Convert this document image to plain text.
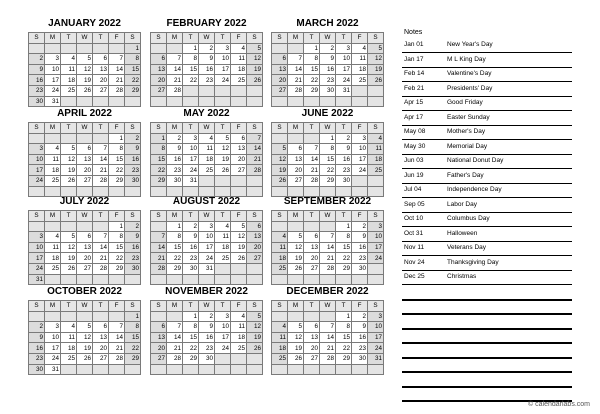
JANUARY 2022
S	M	T	W	T	F	S
						1
2	3	4	5	6	7	8
9	10	11	12	13	14	15
16	17	18	19	20	21	22
23	24	25	26	27	28	29
30	31					
FEBRUARY 2022
S	M	T	W	T	F	S
		1	2	3	4	5
6	7	8	9	10	11	12
13	14	15	16	17	18	19
20	21	22	23	24	25	26
27	28					

MARCH 2022
S	M	T	W	T	F	S
		1	2	3	4	5
6	7	8	9	10	11	12
13	14	15	16	17	18	19
20	21	22	23	24	25	26
27	28	29	30	31		

APRIL 2022
S	M	T	W	T	F	S
					1	2
3	4	5	6	7	8	9
10	11	12	13	14	15	16
17	18	19	20	21	22	23
24	25	26	27	28	29	30

MAY 2022
S	M	T	W	T	F	S
1	2	3	4	5	6	7
8	9	10	11	12	13	14
15	16	17	18	19	20	21
22	23	24	25	26	27	28
29	30	31				

JUNE 2022
S	M	T	W	T	F	S
			1	2	3	4
5	6	7	8	9	10	11
12	13	14	15	16	17	18
19	20	21	22	23	24	25
26	27	28	29	30		

JULY 2022
S	M	T	W	T	F	S
					1	2
3	4	5	6	7	8	9
10	11	12	13	14	15	16
17	18	19	20	21	22	23
24	25	26	27	28	29	30
31						
AUGUST 2022
S	M	T	W	T	F	S
	1	2	3	4	5	6
7	8	9	10	11	12	13
14	15	16	17	18	19	20
21	22	23	24	25	26	27
28	29	30	31			

SEPTEMBER 2022
S	M	T	W	T	F	S
				1	2	3
4	5	6	7	8	9	10
11	12	13	14	15	16	17
18	19	20	21	22	23	24
25	26	27	28	29	30	

OCTOBER 2022
S	M	T	W	T	F	S
						1
2	3	4	5	6	7	8
9	10	11	12	13	14	15
16	17	18	19	20	21	22
23	24	25	26	27	28	29
30	31					
NOVEMBER 2022
S	M	T	W	T	F	S
		1	2	3	4	5
6	7	8	9	10	11	12
13	14	15	16	17	18	19
20	21	22	23	24	25	26
27	28	29	30			

DECEMBER 2022
S	M	T	W	T	F	S
				1	2	3
4	5	6	7	8	9	10
11	12	13	14	15	16	17
18	19	20	21	22	23	24
25	26	27	28	29	30	31

Notes
Jan 01	New Year's Day
Jan 17	M L King Day
Feb 14	Valentine's Day
Feb 21	Presidents' Day
Apr 15	Good Friday
Apr 17	Easter Sunday
May 08	Mother's Day
May 30	Memorial Day
Jun 03	National Donut Day
Jun 19	Father's Day
Jul 04	Independence Day
Sep 05	Labor Day
Oct 10	Columbus Day
Oct 31	Halloween
Nov 11	Veterans Day
Nov 24	Thanksgiving Day
Dec 25	Christmas
© calendarlabs.com
